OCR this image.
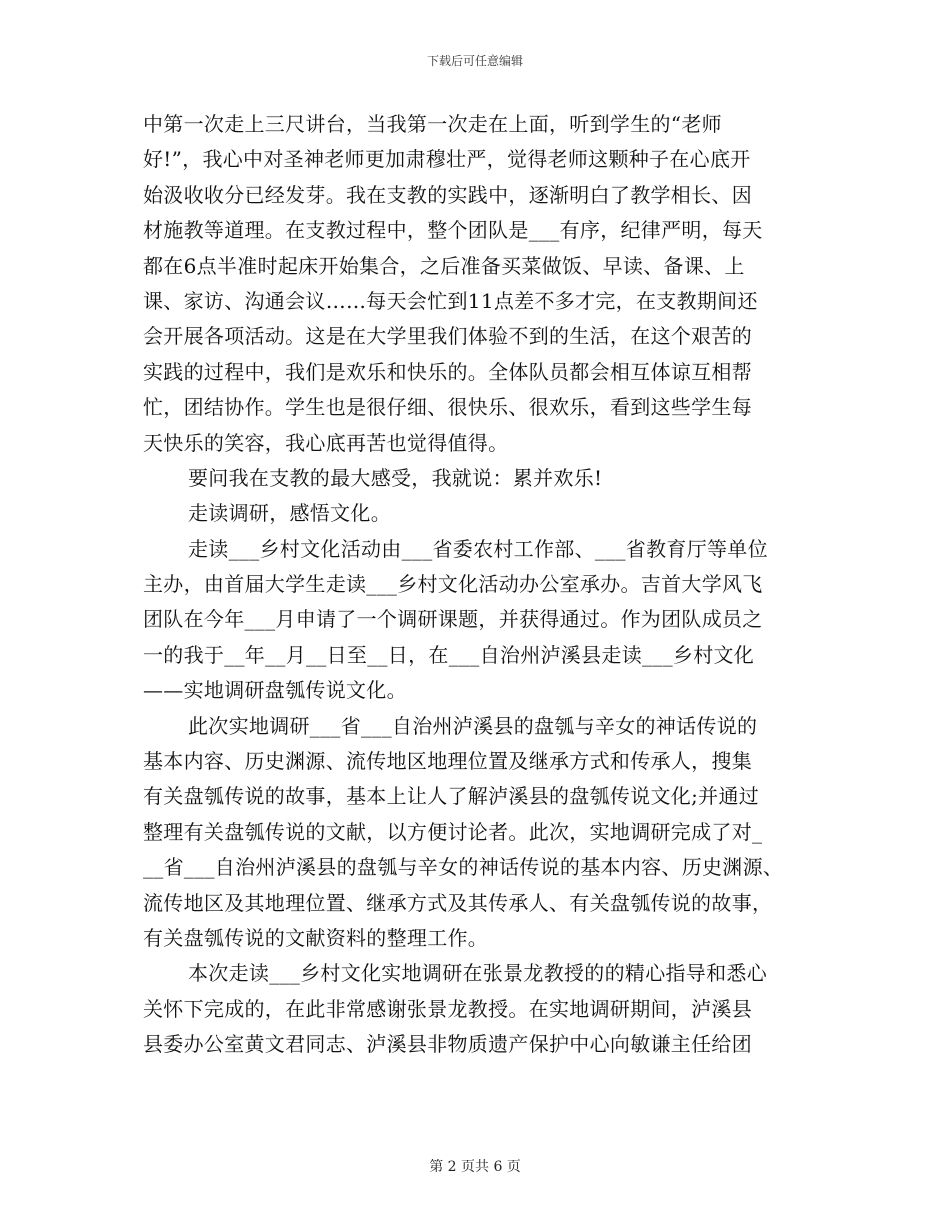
下载后可任意编辑
中第一次走上三尺讲台，当我第一次走在上面，听到学生的“老师
好!”，我心中对圣神老师更加肃穆壮严，觉得老师这颗种子在心底开
始汲收收分已经发芽。我在支教的实践中，逐渐明白了教学相长、因
材施教等道理。在支教过程中，整个团队是___有序，纪律严明，每天
都在6点半准时起床开始集合，之后准备买菜做饭、早读、备课、上
课、家访、沟通会议……每天会忙到11点差不多才完，在支教期间还
会开展各项活动。这是在大学里我们体验不到的生活，在这个艰苦的
实践的过程中，我们是欢乐和快乐的。全体队员都会相互体谅互相帮
忙，团结协作。学生也是很仔细、很快乐、很欢乐，看到这些学生每
天快乐的笑容，我心底再苦也觉得值得。
要问我在支教的最大感受，我就说：累并欢乐!
走读调研，感悟文化。
走读___乡村文化活动由___省委农村工作部、___省教育厅等单位
主办，由首届大学生走读___乡村文化活动办公室承办。吉首大学风飞
团队在今年___月申请了一个调研课题，并获得通过。作为团队成员之
一的我于__年__月__日至__日，在___自治州泸溪县走读___乡村文化
——实地调研盘瓠传说文化。
此次实地调研___省___自治州泸溪县的盘瓠与辛女的神话传说的
基本内容、历史渊源、流传地区地理位置及继承方式和传承人，搜集
有关盘瓠传说的故事，基本上让人了解泸溪县的盘瓠传说文化;并通过
整理有关盘瓠传说的文献，以方便讨论者。此次，实地调研完成了对_
__省___自治州泸溪县的盘瓠与辛女的神话传说的基本内容、历史渊源、
流传地区及其地理位置、继承方式及其传承人、有关盘瓠传说的故事，
有关盘瓠传说的文献资料的整理工作。
本次走读___乡村文化实地调研在张景龙教授的的精心指导和悉心
关怀下完成的，在此非常感谢张景龙教授。在实地调研期间，泸溪县
县委办公室黄文君同志、泸溪县非物质遗产保护中心向敏谦主任给团
第 2 页共 6 页
